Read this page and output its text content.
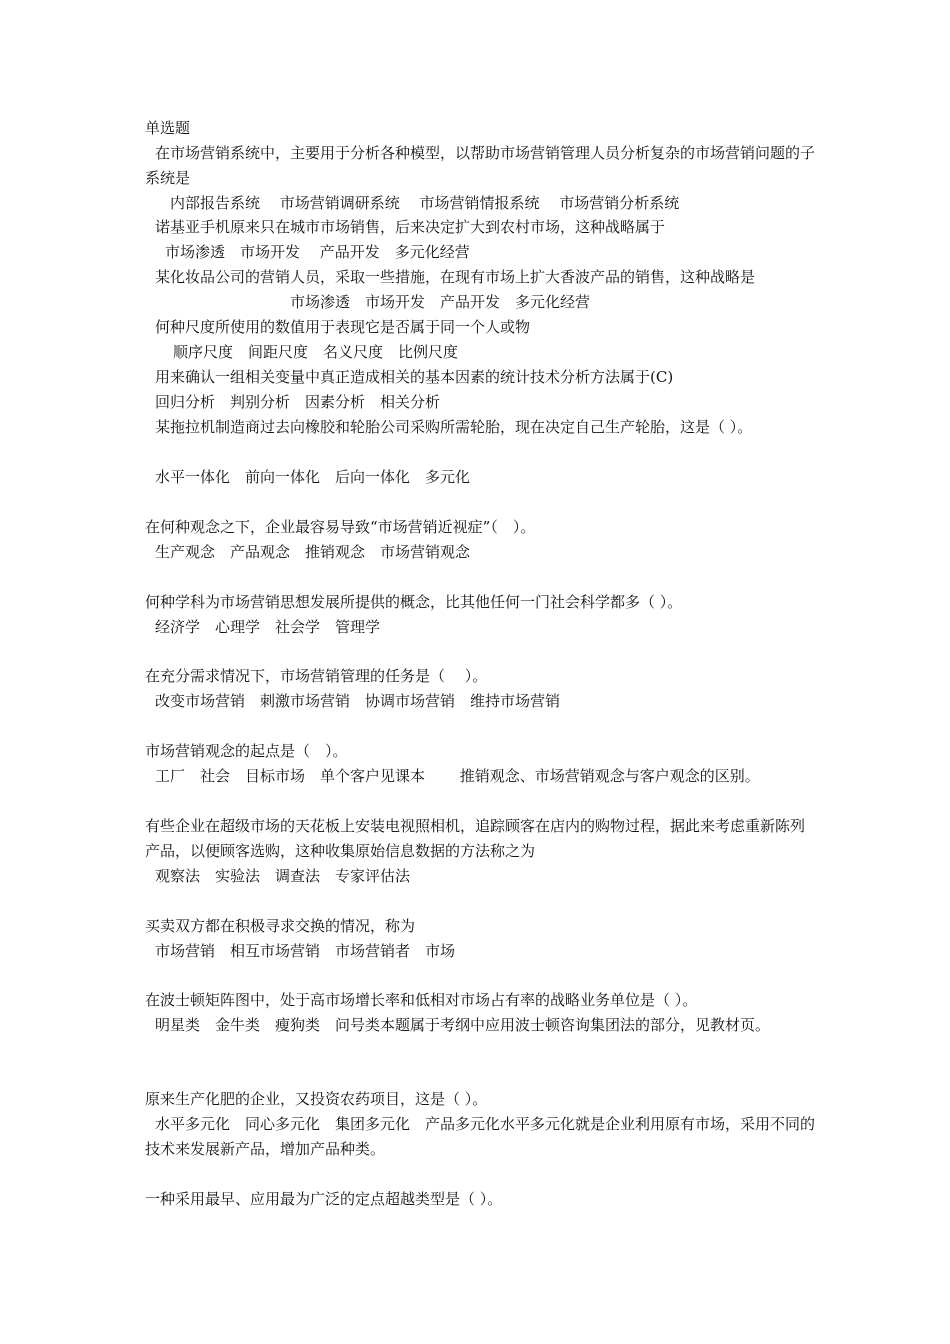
单选题
在市场营销系统中，主要用于分析各种模型，以帮助市场营销管理人员分析复杂的市场营销问题的子系统是
内部报告系统　 市场营销调研系统　 市场营销情报系统　 市场营销分析系统
诺基亚手机原来只在城市市场销售，后来决定扩大到农村市场，这种战略属于
市场渗透　市场开发　 产品开发　多元化经营
某化妆品公司的营销人员，采取一些措施，在现有市场上扩大香波产品的销售，这种战略是
市场渗透　市场开发　产品开发　多元化经营
何种尺度所使用的数值用于表现它是否属于同一个人或物
顺序尺度　间距尺度　名义尺度　比例尺度
用来确认一组相关变量中真正造成相关的基本因素的统计技术分析方法属于(C)
回归分析　判别分析　因素分析　相关分析
某拖拉机制造商过去向橡胶和轮胎公司采购所需轮胎，现在决定自己生产轮胎，这是（ ）。
水平一体化　前向一体化　后向一体化　多元化
在何种观念之下，企业最容易导致“市场营销近视症”（　）。
生产观念　产品观念　推销观念　市场营销观念
何种学科为市场营销思想发展所提供的概念，比其他任何一门社会科学都多（ ）。
经济学　心理学　社会学　管理学
在充分需求情况下，市场营销管理的任务是（　 ）。
改变市场营销　刺激市场营销　协调市场营销　维持市场营销
市场营销观念的起点是（　）。
工厂　社会　目标市场　单个客户见课本　　 推销观念、市场营销观念与客户观念的区别。
有些企业在超级市场的天花板上安装电视照相机，追踪顾客在店内的购物过程，据此来考虑重新陈列产品，以便顾客选购，这种收集原始信息数据的方法称之为
观察法　实验法　调查法　专家评估法
买卖双方都在积极寻求交换的情况，称为
市场营销　相互市场营销　市场营销者　市场
在波士顿矩阵图中，处于高市场增长率和低相对市场占有率的战略业务单位是（ ）。
明星类　金牛类　瘦狗类　问号类本题属于考纲中应用波士顿咨询集团法的部分，见教材页。
原来生产化肥的企业，又投资农药项目，这是（ ）。
水平多元化　同心多元化　集团多元化　产品多元化水平多元化就是企业利用原有市场，采用不同的技术来发展新产品，增加产品种类。
一种采用最早、应用最为广泛的定点超越类型是（ ）。
